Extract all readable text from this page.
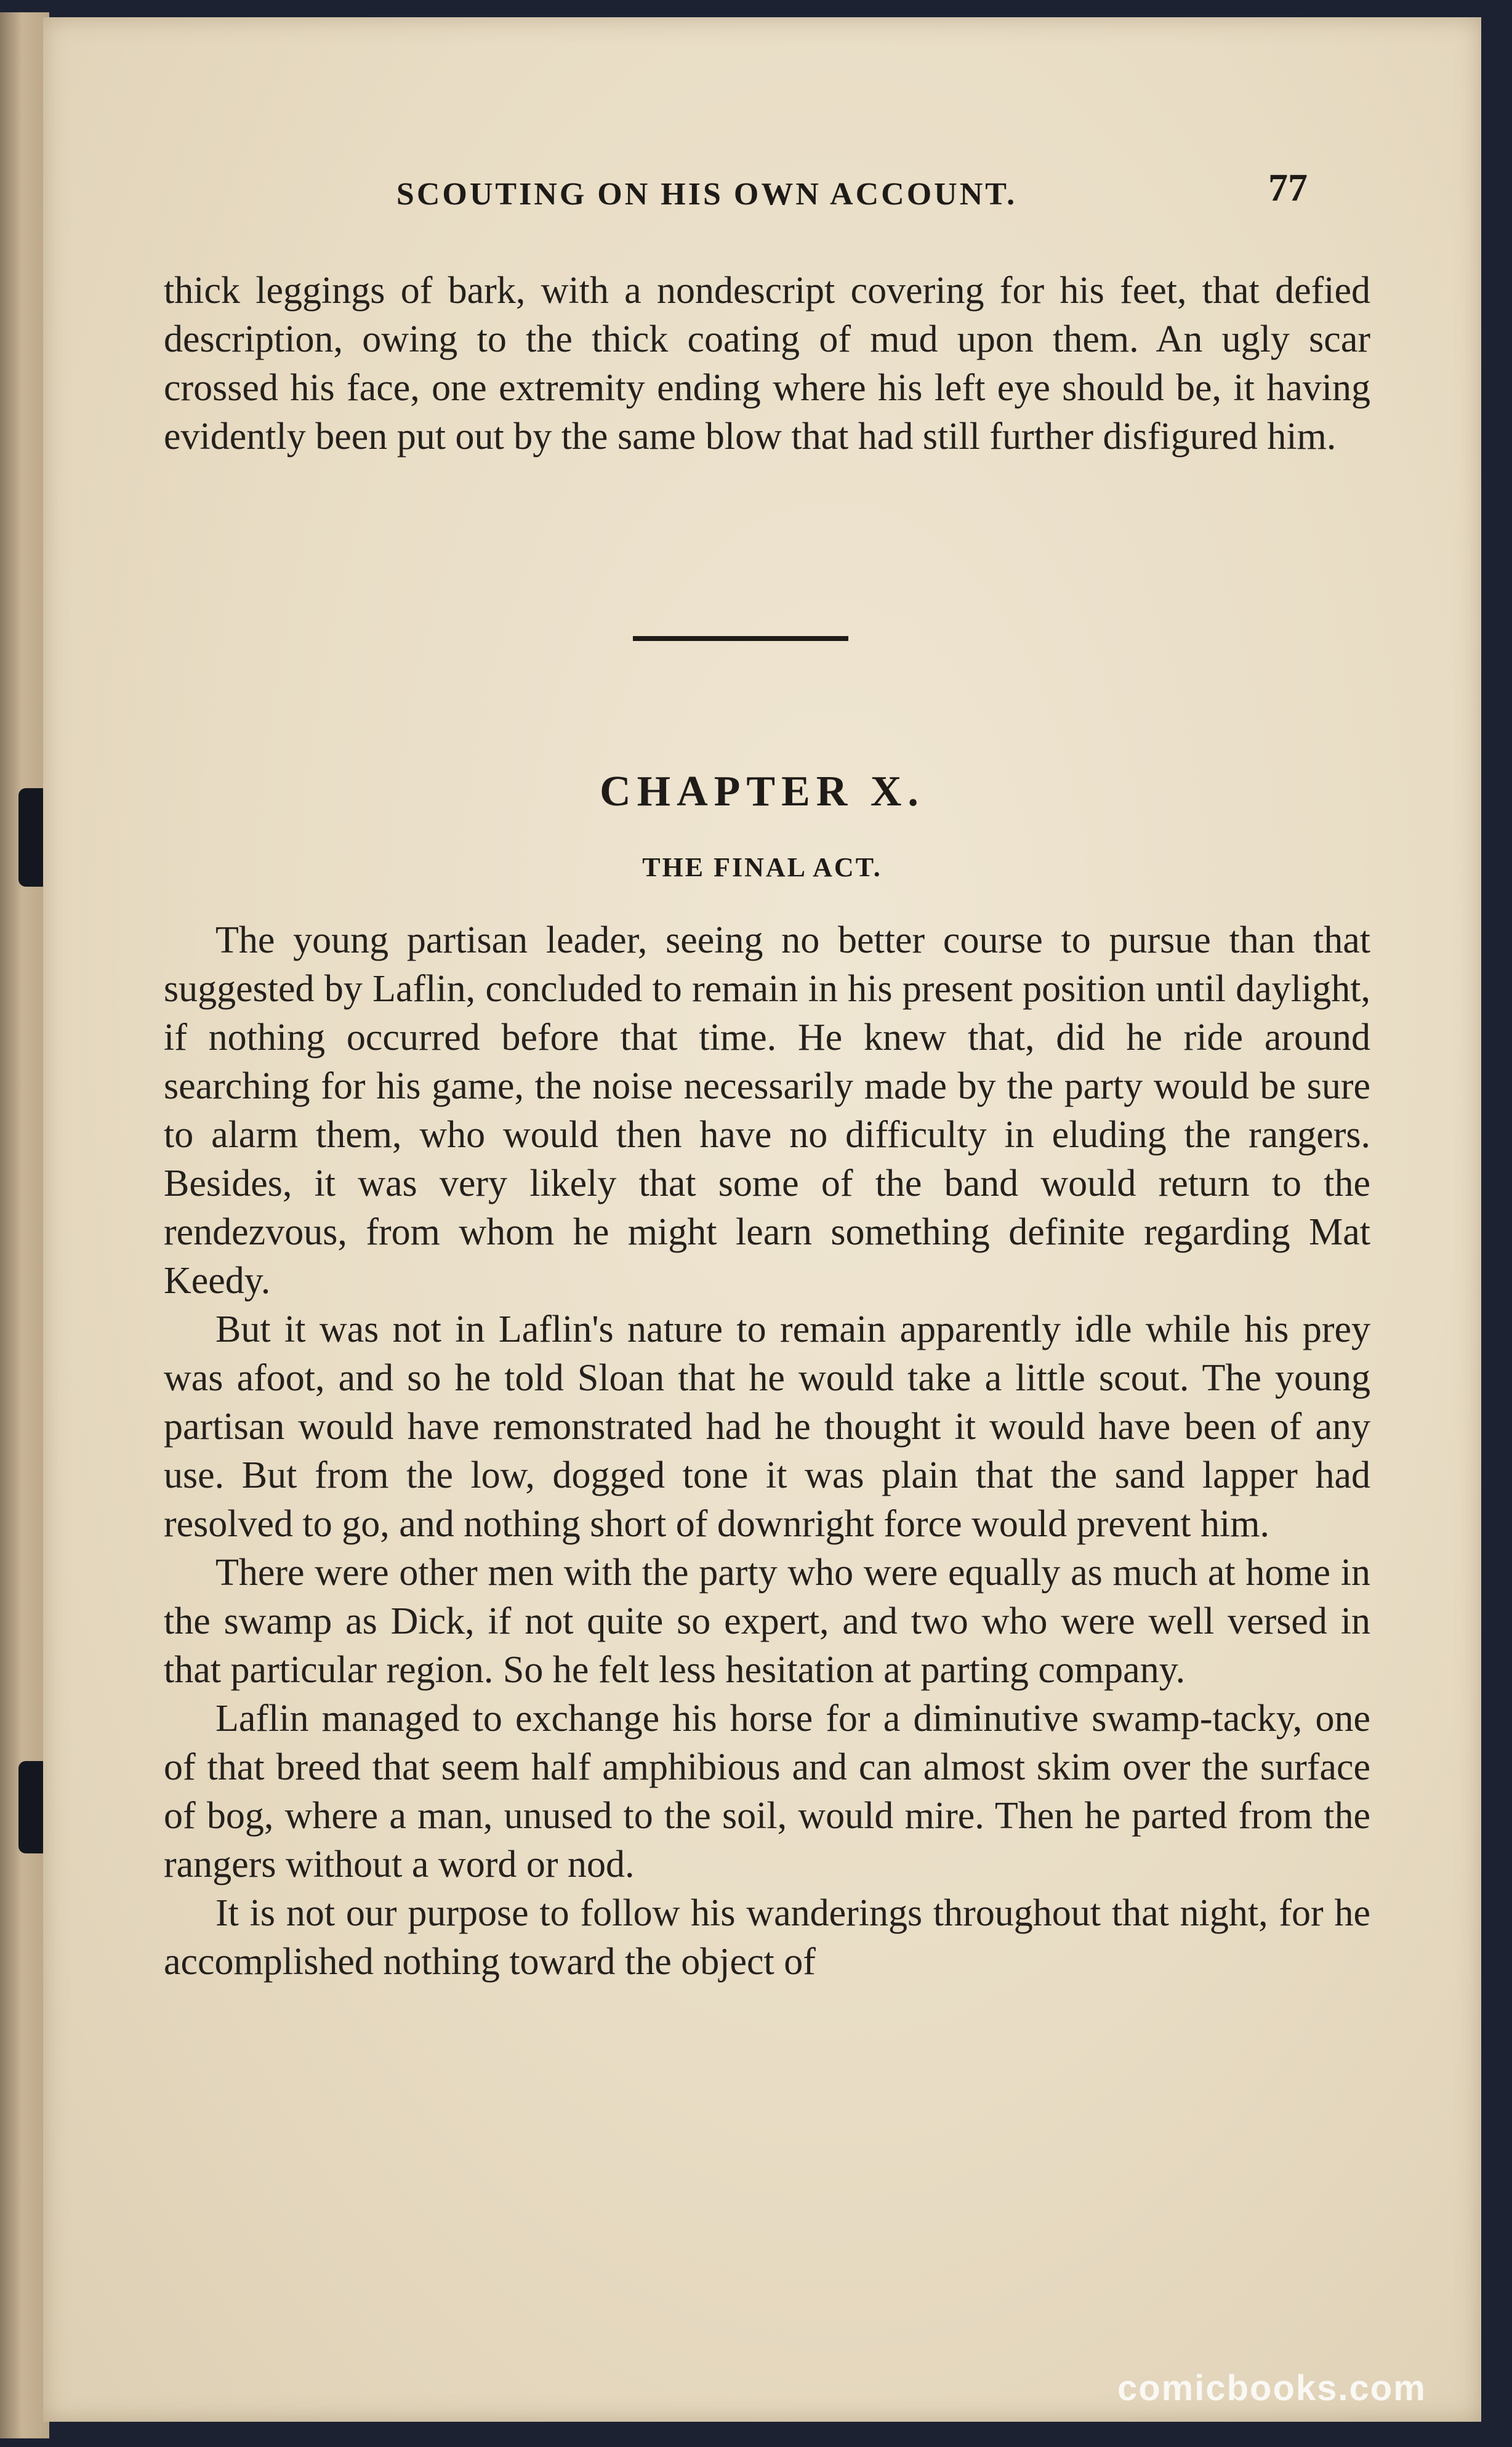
SCOUTING ON HIS OWN ACCOUNT.	77

thick leggings of bark, with a nondescript covering for his feet, that defied description, owing to the thick coating of mud upon them. An ugly scar crossed his face, one extremity ending where his left eye should be, it having evidently been put out by the same blow that had still further disfigured him.

CHAPTER X.
THE FINAL ACT.

The young partisan leader, seeing no better course to pursue than that suggested by Laflin, concluded to remain in his present position until daylight, if nothing occurred before that time. He knew that, did he ride around searching for his game, the noise necessarily made by the party would be sure to alarm them, who would then have no difficulty in eluding the rangers. Besides, it was very likely that some of the band would return to the rendezvous, from whom he might learn something definite regarding Mat Keedy.

But it was not in Laflin's nature to remain apparently idle while his prey was afoot, and so he told Sloan that he would take a little scout. The young partisan would have remonstrated had he thought it would have been of any use. But from the low, dogged tone it was plain that the sand lapper had resolved to go, and nothing short of downright force would prevent him.

There were other men with the party who were equally as much at home in the swamp as Dick, if not quite so expert, and two who were well versed in that particular region. So he felt less hesitation at parting company.

Laflin managed to exchange his horse for a diminutive swamp-tacky, one of that breed that seem half amphibious and can almost skim over the surface of bog, where a man, unused to the soil, would mire. Then he parted from the rangers without a word or nod.

It is not our purpose to follow his wanderings throughout that night, for he accomplished nothing toward the object of

comicbooks.com
